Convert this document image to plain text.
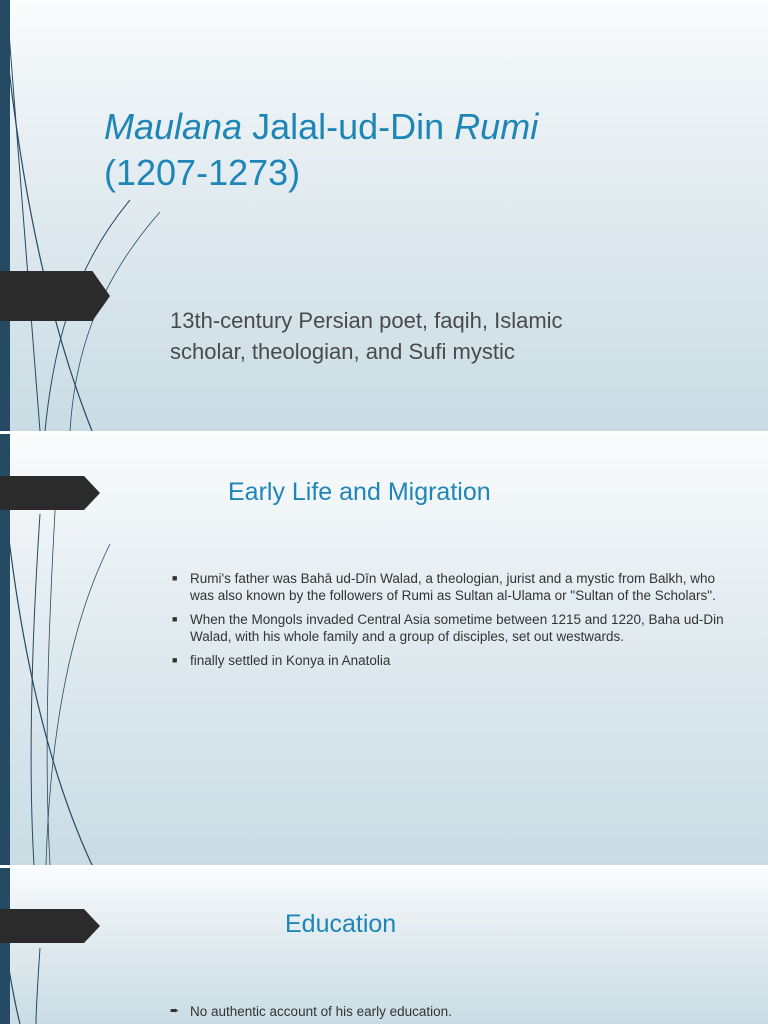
Maulana Jalal-ud-Din Rumi
(1207-1273)

13th-century Persian poet, faqih, Islamic
scholar, theologian, and Sufi mystic

Early Life and Migration
■ Rumi's father was Bahā ud-Dīn Walad, a theologian, jurist and a mystic from Balkh, who was also known by the followers of Rumi as Sultan al-Ulama or "Sultan of the Scholars".
■ When the Mongols invaded Central Asia sometime between 1215 and 1220, Baha ud-Din Walad, with his whole family and a group of disciples, set out westwards.
■ finally settled in Konya in Anatolia
Education
➨ No authentic account of his early education.
